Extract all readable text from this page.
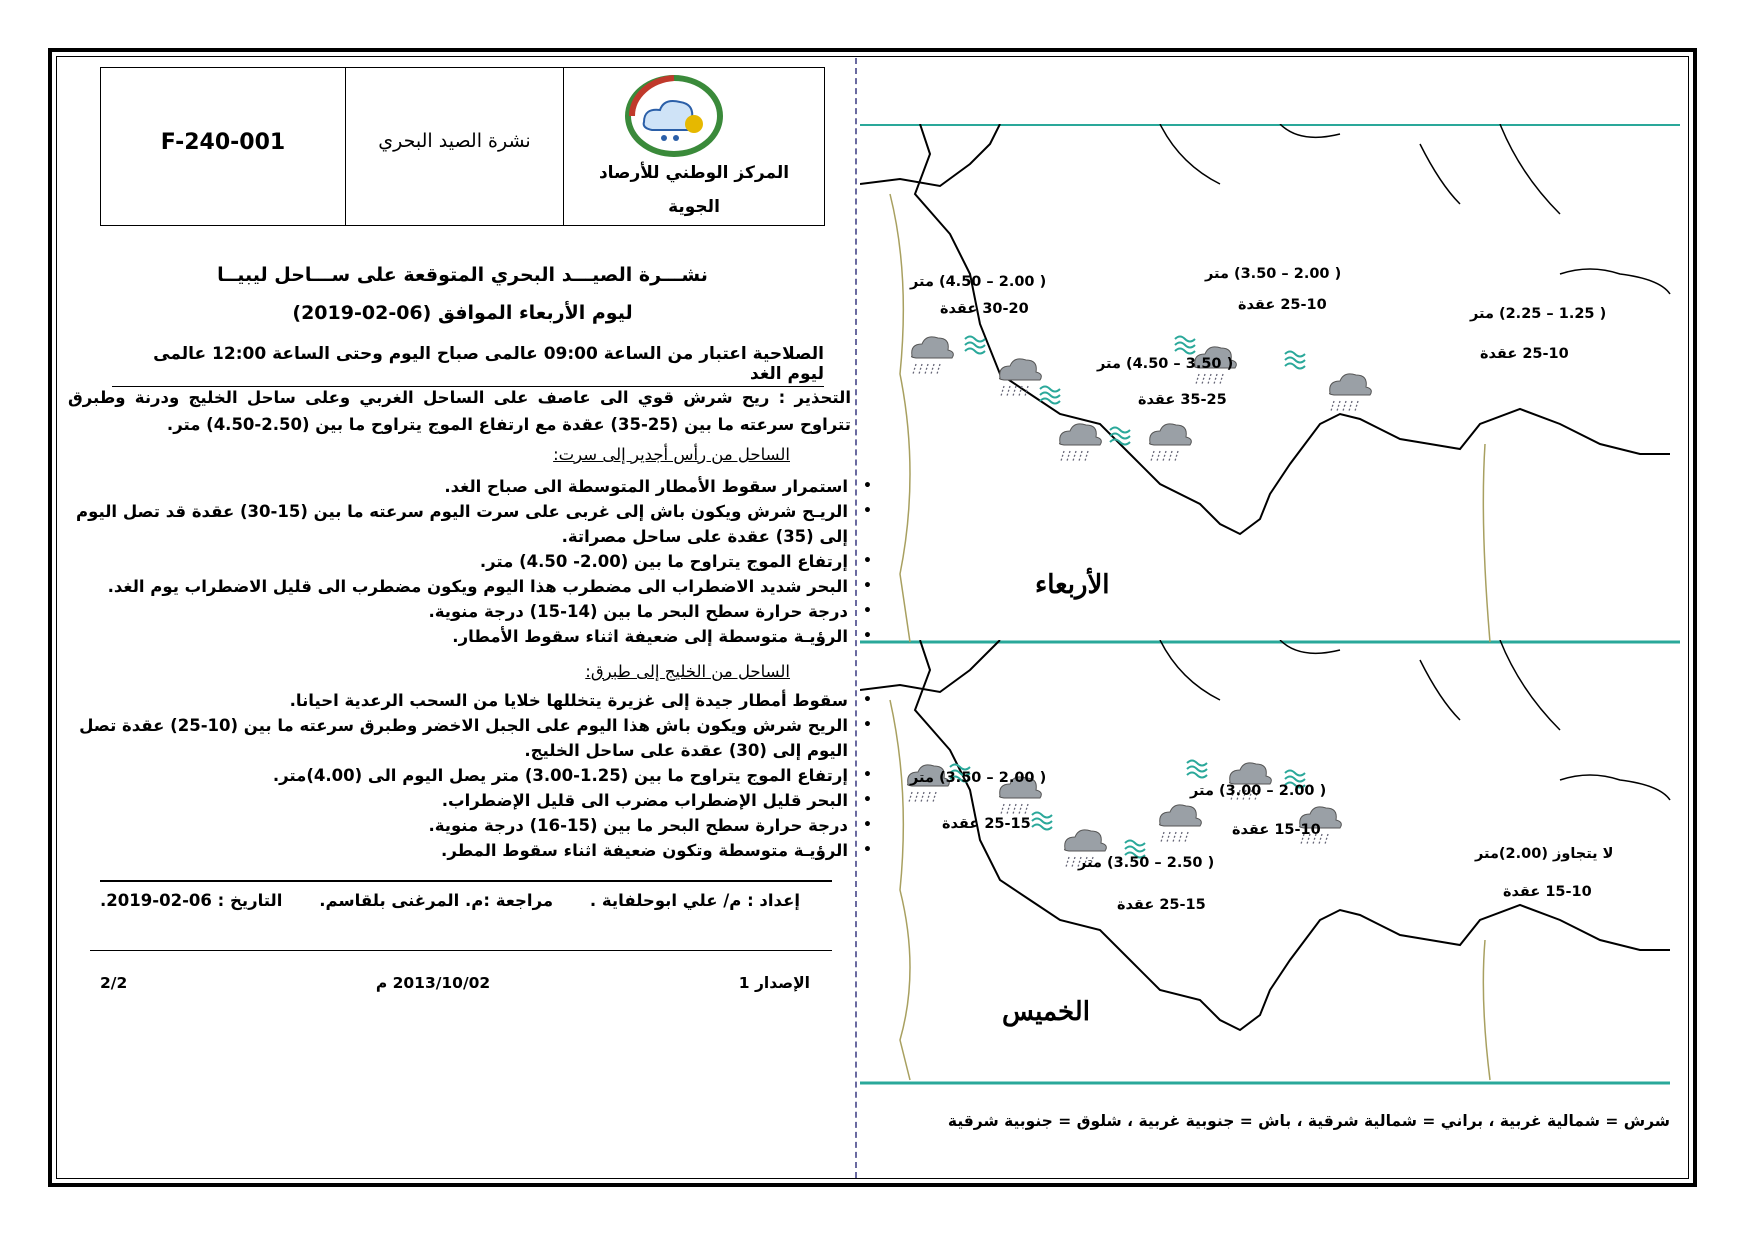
F-240-001	نشرة الصيد البحري
المركز الوطني للأرصاد
الجوية
نشـــرة الصيـــد البحري المتوقعة على ســـاحل ليبيــا
ليوم الأربعاء الموافق (06-02-2019)
الصلاحية اعتبار من الساعة 09:00 عالمى صباح اليوم وحتى الساعة 12:00 عالمى ليوم الغد
التحذير : ريح شرش قوي الى عاصف على الساحل الغربي وعلى ساحل الخليج ودرنة وطبرق تتراوح سرعته ما بين (25-35) عقدة مع ارتفاع الموج يتراوح ما بين (2.50-4.50) متر.
الساحل من رأس أجدير إلى سرت:
• استمرار سقوط الأمطار المتوسطة الى صباح الغد.
• الريـح شرش ويكون باش إلى غربى على سرت اليوم سرعته ما بين (15-30) عقدة قد تصل اليوم إلى (35) عقدة على ساحل مصراتة.
• إرتفاع الموج يتراوح ما بين (2.00- 4.50) متر.
• البحر شديد الاضطراب الى مضطرب هذا اليوم ويكون مضطرب الى قليل الاضطراب يوم الغد.
• درجة حرارة سطح البحر ما بين (14-15) درجة منوية.
• الرؤيـة متوسطة إلى ضعيفة اثناء سقوط الأمطار.
الساحل من الخليج إلى طبرق:
• سقوط أمطار جيدة إلى غزيرة يتخللها خلايا من السحب الرعدية احيانا.
• الريح شرش ويكون باش هذا اليوم على الجبل الاخضر وطبرق سرعته ما بين (10-25) عقدة تصل اليوم إلى (30) عقدة على ساحل الخليج.
• إرتفاع الموج يتراوح ما بين (1.25-3.00) متر يصل اليوم الى (4.00)متر.
• البحر قليل الإضطراب مضرب الى قليل الإضطراب.
• درجة حرارة سطح البحر ما بين (15-16) درجة منوية.
• الرؤيـة متوسطة وتكون ضعيفة اثناء سقوط المطر.
إعداد : م/ علي ابوحلفاية .
مراجعة :م. المرغنى بلقاسم.
التاريخ : 06-02-2019.
الإصدار 1
2013/10/02 م
2/2
( 2.00 – 4.50) متر
30-20 عقدة
( 2.00 – 3.50) متر
25-10 عقدة
( 1.25 – 2.25) متر
25-10 عقدة
( 3.50 – 4.50) متر
35-25 عقدة
الأربعاء
( 2.00 – 3.50) متر
25-15 عقدة
( 2.00 – 3.00) متر
15-10 عقدة
لا يتجاوز (2.00)متر
15-10 عقدة
( 2.50 – 3.50) متر
25-15 عقدة
الخميس
شرش = شمالية غربية ، براني = شمالية شرقية ، باش = جنوبية غربية ، شلوق = جنوبية شرقية
